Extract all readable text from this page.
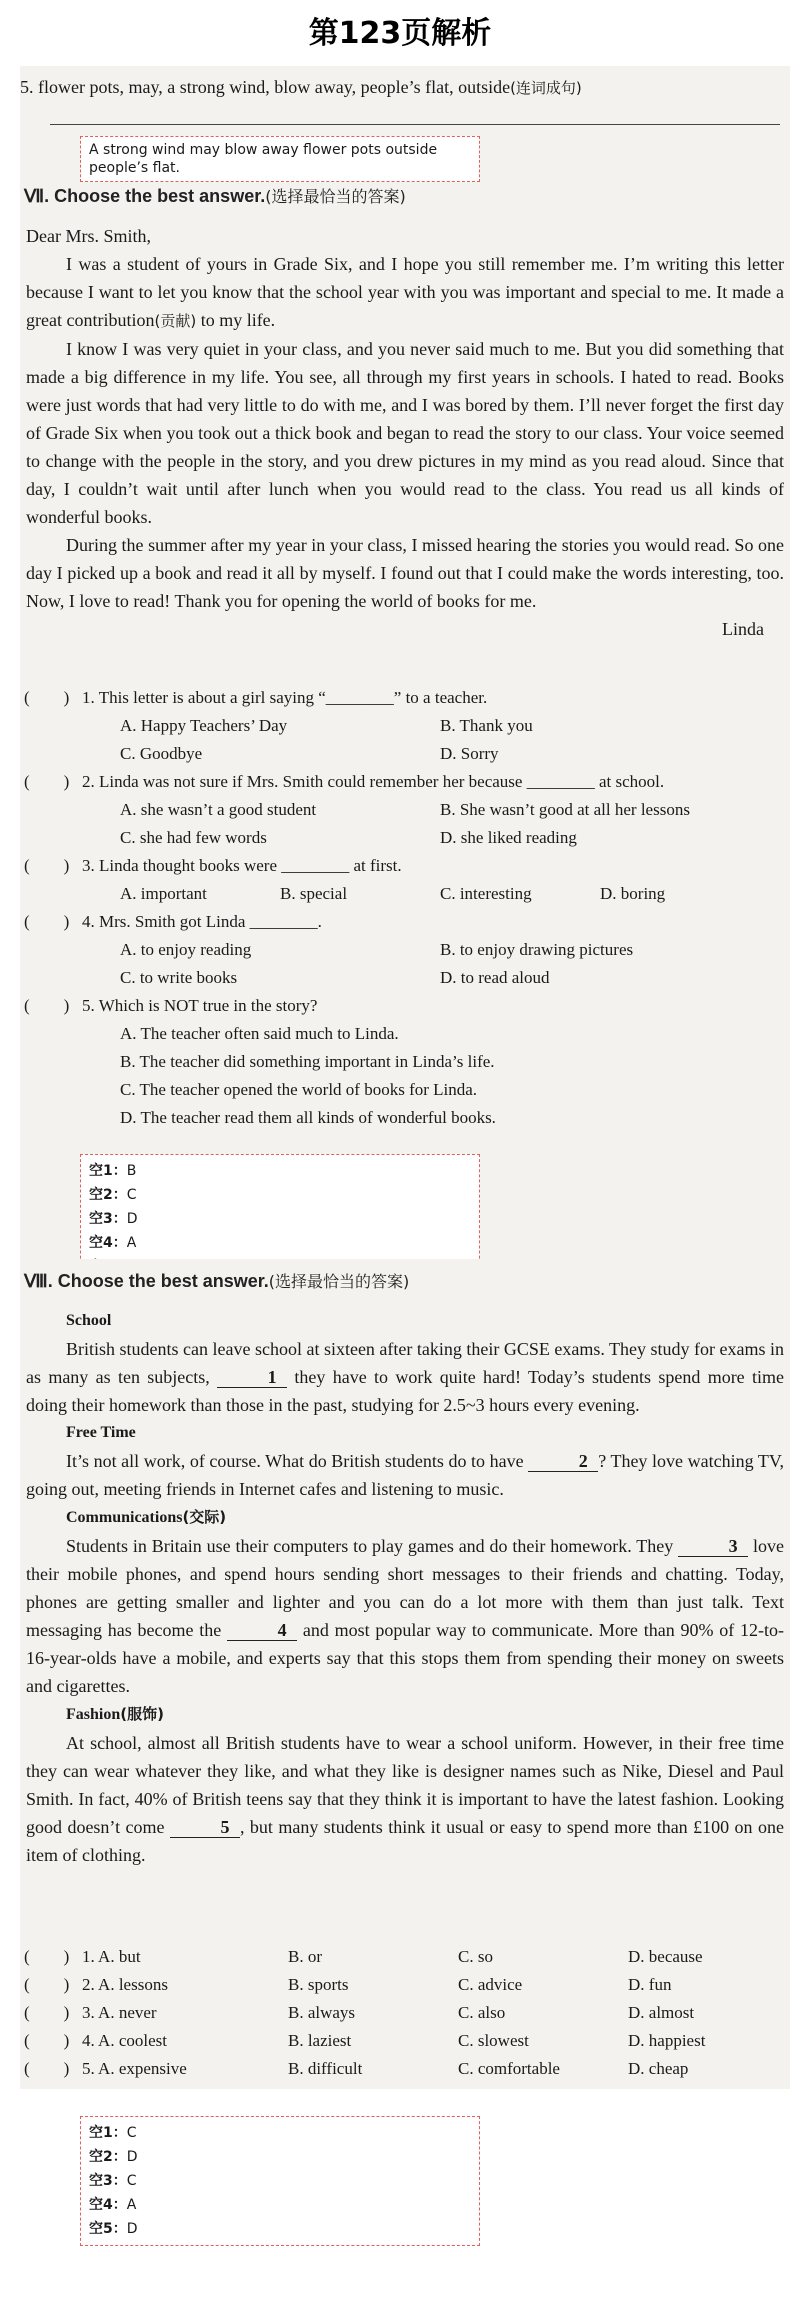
第123页解析
5. flower pots, may, a strong wind, blow away, people’s flat, outside(连词成句)
A strong wind may blow away flower pots outside people’s flat.
Ⅶ. Choose the best answer.(选择最恰当的答案)
Dear Mrs. Smith,
I was a student of yours in Grade Six, and I hope you still remember me. I’m writing this letter because I want to let you know that the school year with you was important and special to me. It made a great contribution(贡献) to my life.
I know I was very quiet in your class, and you never said much to me. But you did something that made a big difference in my life. You see, all through my first years in schools. I hated to read. Books were just words that had very little to do with me, and I was bored by them. I’ll never forget the first day of Grade Six when you took out a thick book and began to read the story to our class. Your voice seemed to change with the people in the story, and you drew pictures in my mind as you read aloud. Since that day, I couldn’t wait until after lunch when you would read to the class. You read us all kinds of wonderful books.
During the summer after my year in your class, I missed hearing the stories you would read. So one day I picked up a book and read it all by myself. I found out that I could make the words interesting, too. Now, I love to read! Thank you for opening the world of books for me.
Linda
(　　) 1. This letter is about a girl saying “________” to a teacher.
A. Happy Teachers’ Day	B. Thank you
C. Goodbye	D. Sorry
(　　) 2. Linda was not sure if Mrs. Smith could remember her because ________ at school.
A. she wasn’t a good student	B. She wasn’t good at all her lessons
C. she had few words	D. she liked reading
(　　) 3. Linda thought books were ________ at first.
A. important	B. special	C. interesting	D. boring
(　　) 4. Mrs. Smith got Linda ________.
A. to enjoy reading	B. to enjoy drawing pictures
C. to write books	D. to read aloud
(　　) 5. Which is NOT true in the story?
A. The teacher often said much to Linda.
B. The teacher did something important in Linda’s life.
C. The teacher opened the world of books for Linda.
D. The teacher read them all kinds of wonderful books.
空1：B
空2：C
空3：D
空4：A
Ⅷ. Choose the best answer.(选择最恰当的答案)
School
British students can leave school at sixteen after taking their GCSE exams. They study for exams in as many as ten subjects,	1 they have to work quite hard! Today’s students spend more time doing their homework than those in the past, studying for 2.5~3 hours every evening.
Free Time
It’s not all work, of course. What do British students do to have	2 ? They love watching TV, going out, meeting friends in Internet cafes and listening to music.
Communications(交际)
Students in Britain use their computers to play games and do their homework. They	3 love their mobile phones, and spend hours sending short messages to their friends and chatting. Today, phones are getting smaller and lighter and you can do a lot more with them than just talk. Text messaging has become the	4 and most popular way to communicate. More than 90% of 12-to-16-year-olds have a mobile, and experts say that this stops them from spending their money on sweets and cigarettes.
Fashion(服饰)
At school, almost all British students have to wear a school uniform. However, in their free time they can wear whatever they like, and what they like is designer names such as Nike, Diesel and Paul Smith. In fact, 40% of British teens say that they think it is important to have the latest fashion. Looking good doesn’t come	5 , but many students think it usual or easy to spend more than £100 on one item of clothing.
(　　) 1. A. but	B. or	C. so	D. because
(　　) 2. A. lessons	B. sports	C. advice	D. fun
(　　) 3. A. never	B. always	C. also	D. almost
(　　) 4. A. coolest	B. laziest	C. slowest	D. happiest
(　　) 5. A. expensive	B. difficult	C. comfortable	D. cheap
空1：C
空2：D
空3：C
空4：A
空5：D
